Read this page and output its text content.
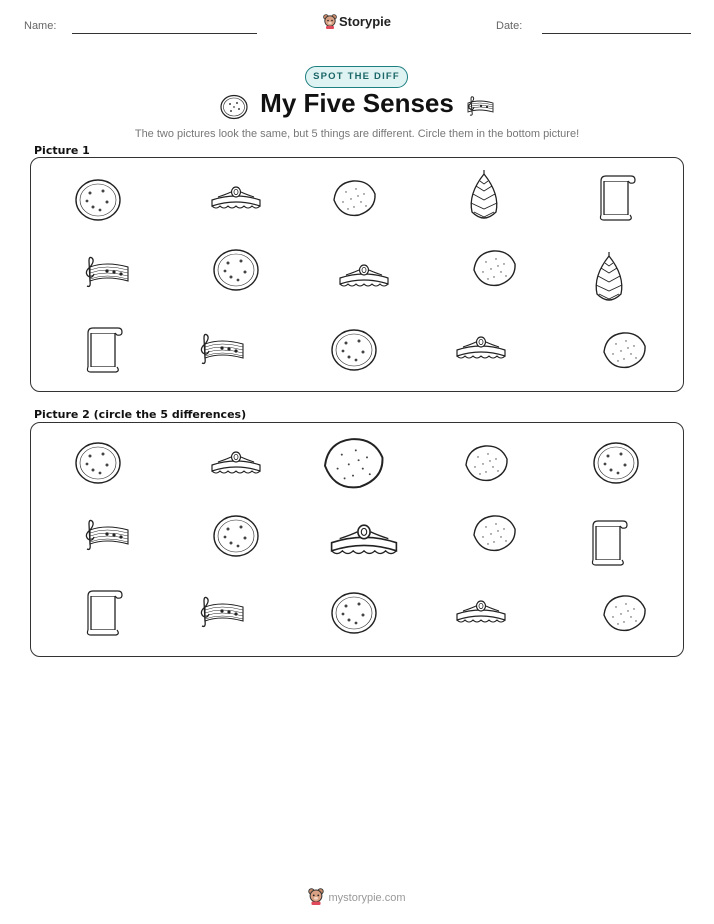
Name:	Storypie	Date:
SPOT THE DIFF
My Five Senses
The two pictures look the same, but 5 things are different. Circle them in the bottom picture!
Picture 1
Picture 2 (circle the 5 differences)
mystorypie.com
